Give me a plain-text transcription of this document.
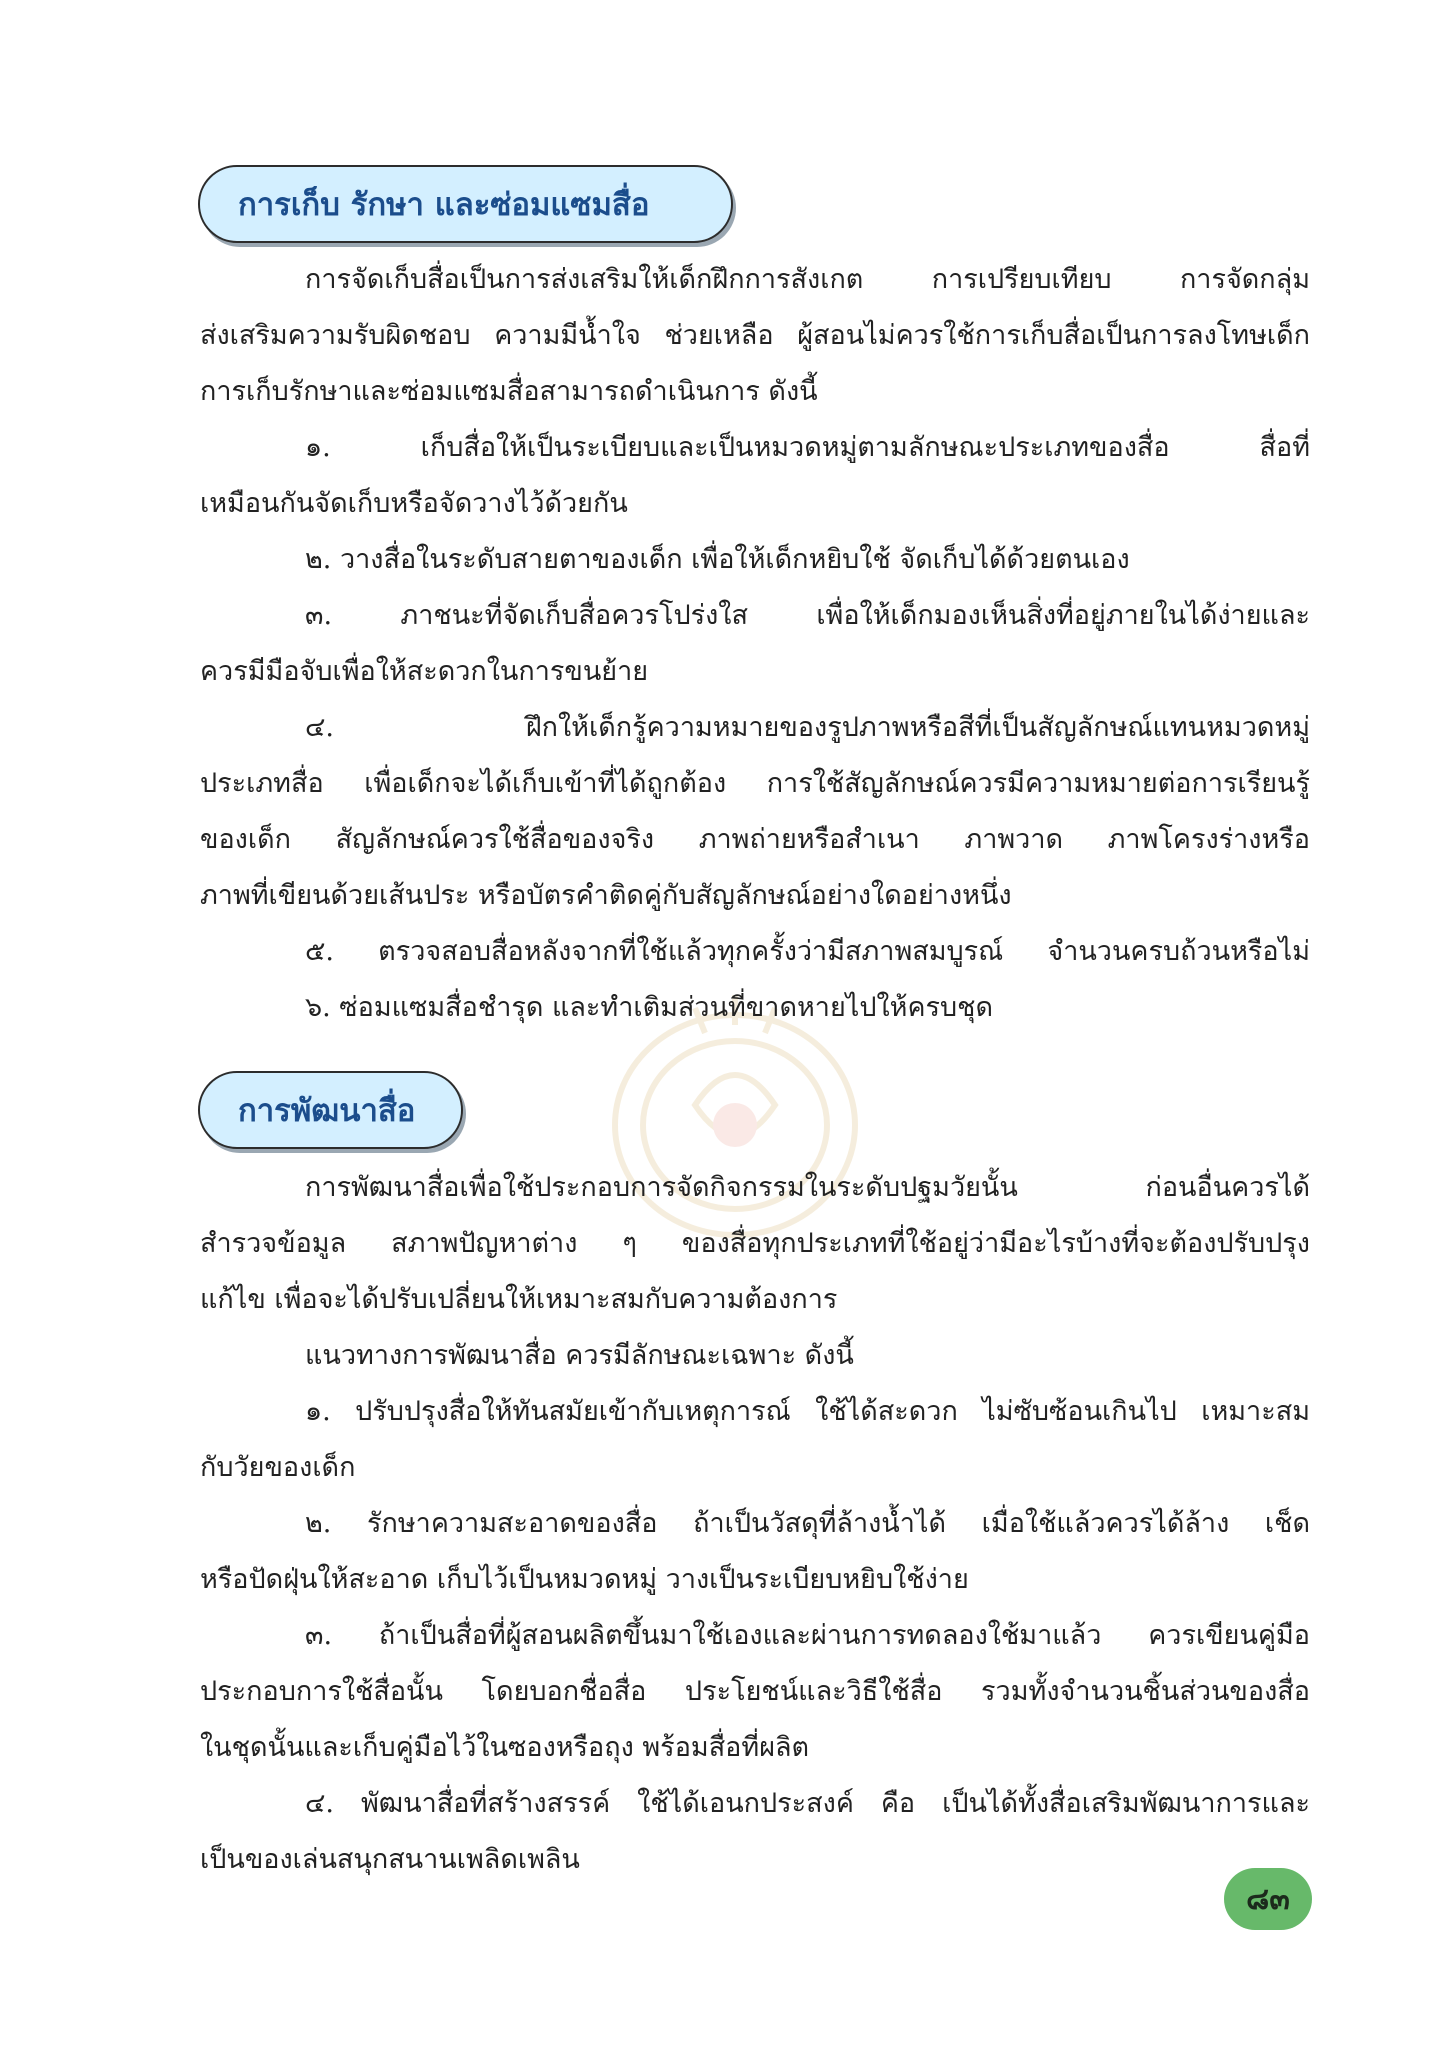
การเก็บ รักษา และซ่อมแซมสื่อ
การจัดเก็บสื่อเป็นการส่งเสริมให้เด็กฝึกการสังเกต การเปรียบเทียบ การจัดกลุ่ม
ส่งเสริมความรับผิดชอบ ความมีน้ำใจ ช่วยเหลือ ผู้สอนไม่ควรใช้การเก็บสื่อเป็นการลงโทษเด็ก
การเก็บรักษาและซ่อมแซมสื่อสามารถดำเนินการ ดังนี้
๑. เก็บสื่อให้เป็นระเบียบและเป็นหมวดหมู่ตามลักษณะประเภทของสื่อ สื่อที่
เหมือนกันจัดเก็บหรือจัดวางไว้ด้วยกัน
๒. วางสื่อในระดับสายตาของเด็ก เพื่อให้เด็กหยิบใช้ จัดเก็บได้ด้วยตนเอง
๓. ภาชนะที่จัดเก็บสื่อควรโปร่งใส เพื่อให้เด็กมองเห็นสิ่งที่อยู่ภายในได้ง่ายและ
ควรมีมือจับเพื่อให้สะดวกในการขนย้าย
๔. ฝึกให้เด็กรู้ความหมายของรูปภาพหรือสีที่เป็นสัญลักษณ์แทนหมวดหมู่
ประเภทสื่อ เพื่อเด็กจะได้เก็บเข้าที่ได้ถูกต้อง การใช้สัญลักษณ์ควรมีความหมายต่อการเรียนรู้
ของเด็ก สัญลักษณ์ควรใช้สื่อของจริง ภาพถ่ายหรือสำเนา ภาพวาด ภาพโครงร่างหรือ
ภาพที่เขียนด้วยเส้นประ หรือบัตรคำติดคู่กับสัญลักษณ์อย่างใดอย่างหนึ่ง
๕. ตรวจสอบสื่อหลังจากที่ใช้แล้วทุกครั้งว่ามีสภาพสมบูรณ์ จำนวนครบถ้วนหรือไม่
๖. ซ่อมแซมสื่อชำรุด และทำเติมส่วนที่ขาดหายไปให้ครบชุด
การพัฒนาสื่อ
การพัฒนาสื่อเพื่อใช้ประกอบการจัดกิจกรรมในระดับปฐมวัยนั้น ก่อนอื่นควรได้
สำรวจข้อมูล สภาพปัญหาต่าง ๆ ของสื่อทุกประเภทที่ใช้อยู่ว่ามีอะไรบ้างที่จะต้องปรับปรุง
แก้ไข เพื่อจะได้ปรับเปลี่ยนให้เหมาะสมกับความต้องการ
แนวทางการพัฒนาสื่อ ควรมีลักษณะเฉพาะ ดังนี้
๑. ปรับปรุงสื่อให้ทันสมัยเข้ากับเหตุการณ์ ใช้ได้สะดวก ไม่ซับซ้อนเกินไป เหมาะสม
กับวัยของเด็ก
๒. รักษาความสะอาดของสื่อ ถ้าเป็นวัสดุที่ล้างน้ำได้ เมื่อใช้แล้วควรได้ล้าง เช็ด
หรือปัดฝุ่นให้สะอาด เก็บไว้เป็นหมวดหมู่ วางเป็นระเบียบหยิบใช้ง่าย
๓. ถ้าเป็นสื่อที่ผู้สอนผลิตขึ้นมาใช้เองและผ่านการทดลองใช้มาแล้ว ควรเขียนคู่มือ
ประกอบการใช้สื่อนั้น โดยบอกชื่อสื่อ ประโยชน์และวิธีใช้สื่อ รวมทั้งจำนวนชิ้นส่วนของสื่อ
ในชุดนั้นและเก็บคู่มือไว้ในซองหรือถุง พร้อมสื่อที่ผลิต
๔. พัฒนาสื่อที่สร้างสรรค์ ใช้ได้เอนกประสงค์ คือ เป็นได้ทั้งสื่อเสริมพัฒนาการและ
เป็นของเล่นสนุกสนานเพลิดเพลิน
๘๓
